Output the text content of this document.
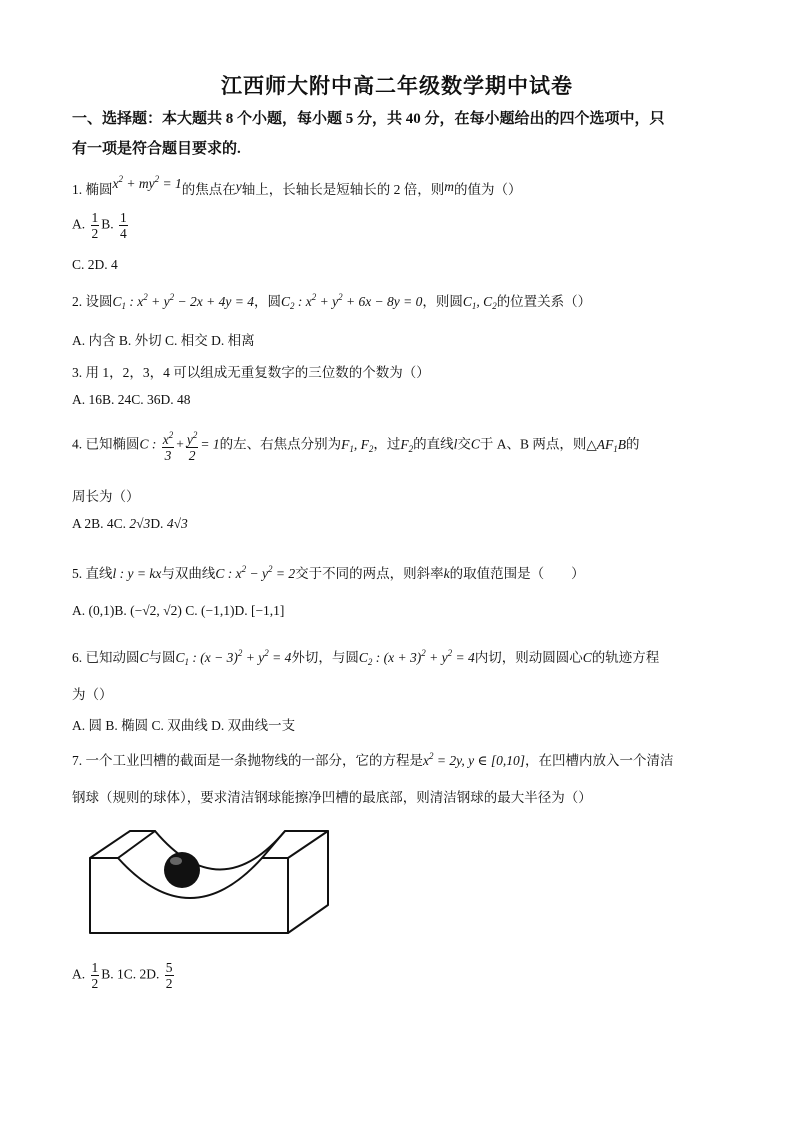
江西师大附中高二年级数学期中试卷
一、选择题：本大题共 8 个小题，每小题 5 分，共 40 分，在每小题给出的四个选项中，只
有一项是符合题目要求的.
1. 椭圆$x^2 + my^2 = 1$的焦点在y轴上，长轴长是短轴长的 2 倍，则m的值为（）
A. $\frac{1}{2} B$. $\frac{1}{4}$
C. 2D. 4
2. 设圆$C_1$ : $x^2 + y^2 - 2x + 4y = 4$，圆$C_2$ : $x^2 + y^2 + 6x - 8y = 0$，则圆$C_1$, $C_2$的位置关系（）
A. 内含 B. 外切 C. 相交 D. 相离
3. 用 1，2，3，4 可以组成无重复数字的三位数的个数为（）
A. 16B. 24C. 36D. 48
4. 已知椭圆C : $\frac{x^2}{3} + \frac{y^2}{2} = 1$的左、右焦点分别为$F_1$, $F_2$，过$F_2$的直线l交C于 A、B 两点，则$\triangle AF_1B$的
周长为（）
A 2B. 4C. 2√3D. 4√3
5. 直线l : y = kx与双曲线C : $x^2 - y^2 = 2$交于不同的两点，则斜率k的取值范围是（　　）
A. (0,1)B. (−√2, √2) C. (−1,1)D. [−1,1]
6. 已知动圆C与圆$C_1$ : $(x - 3)^2 + y^2 = 4$外切，与圆$C_2$ : $(x + 3)^2 + y^2 = 4$内切，则动圆圆心C的轨迹方程
为（）
A. 圆 B. 椭圆 C. 双曲线 D. 双曲线一支
7. 一个工业凹槽的截面是一条抛物线的一部分，它的方程是$x^2 = 2y$, y ∈ [0,10]，在凹槽内放入一个清洁
钢球（规则的球体），要求清洁钢球能擦净凹槽的最底部，则清洁钢球的最大半径为（）
A. $\frac{1}{2} B$. 1C. 2D. $\frac{5}{2}$
